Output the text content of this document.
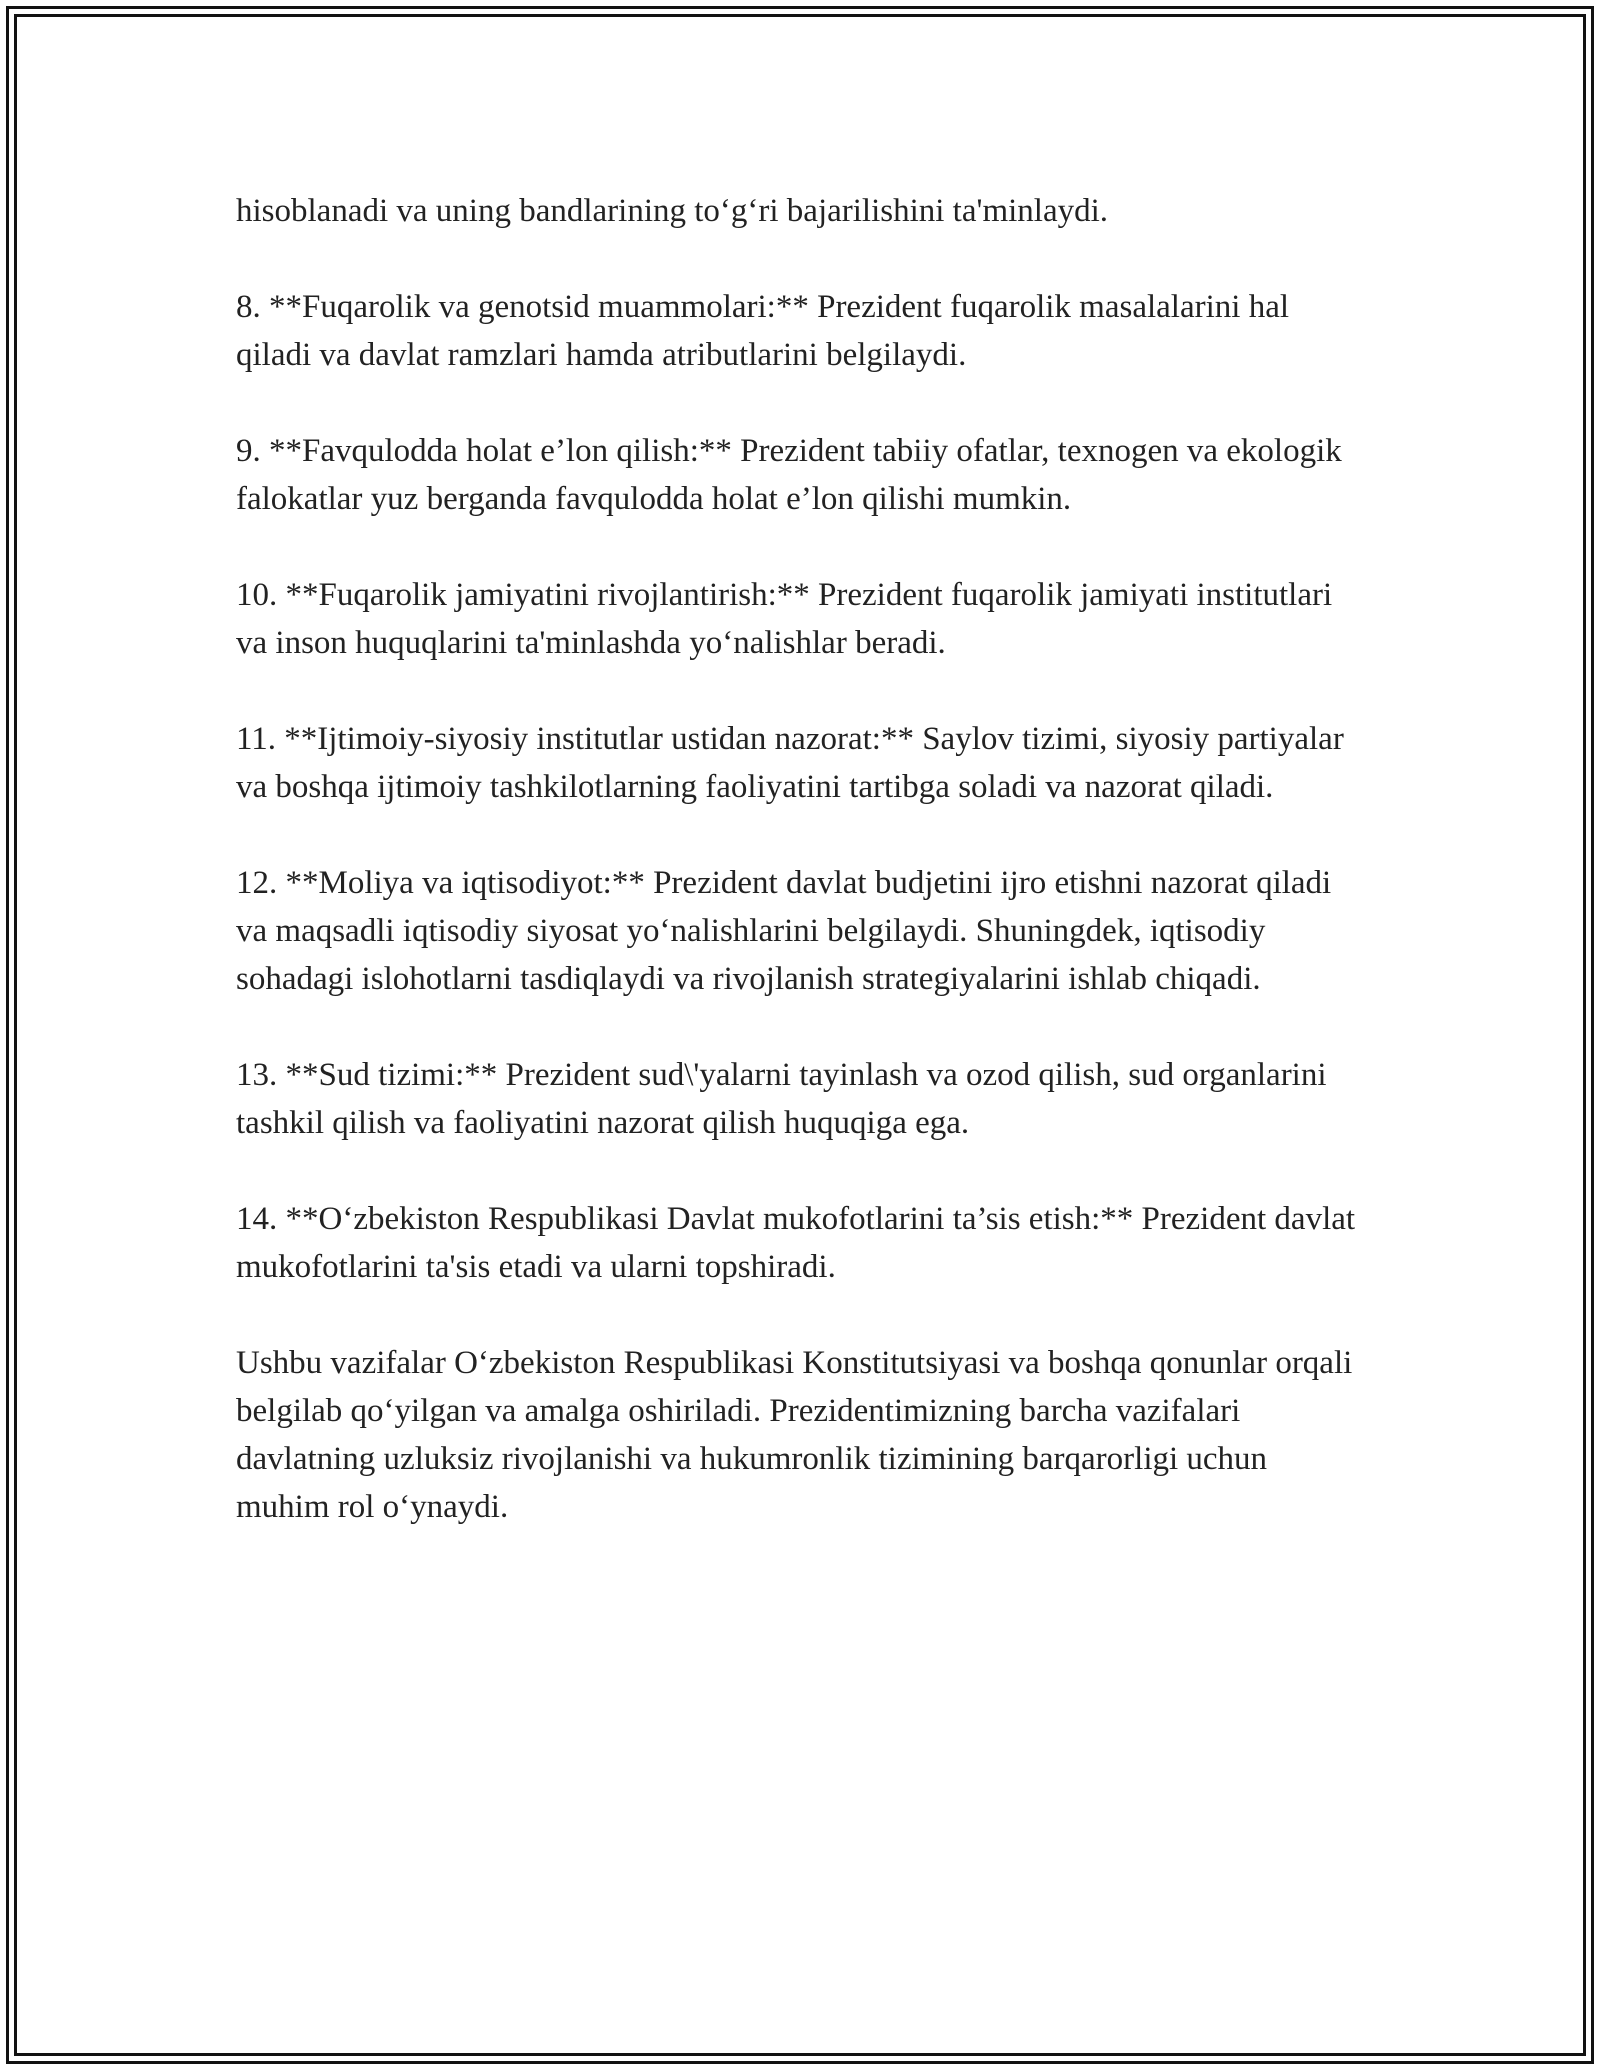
hisoblanadi va uning bandlarining to‘g‘ri bajarilishini ta'minlaydi.

8. **Fuqarolik va genotsid muammolari:** Prezident fuqarolik masalalarini hal qiladi va davlat ramzlari hamda atributlarini belgilaydi.

9. **Favqulodda holat e’lon qilish:** Prezident tabiiy ofatlar, texnogen va ekologik falokatlar yuz berganda favqulodda holat e’lon qilishi mumkin.

10. **Fuqarolik jamiyatini rivojlantirish:** Prezident fuqarolik jamiyati institutlari va inson huquqlarini ta'minlashda yo‘nalishlar beradi.

11. **Ijtimoiy-siyosiy institutlar ustidan nazorat:** Saylov tizimi, siyosiy partiyalar va boshqa ijtimoiy tashkilotlarning faoliyatini tartibga soladi va nazorat qiladi.

12. **Moliya va iqtisodiyot:** Prezident davlat budjetini ijro etishni nazorat qiladi va maqsadli iqtisodiy siyosat yo‘nalishlarini belgilaydi. Shuningdek, iqtisodiy sohadagi islohotlarni tasdiqlaydi va rivojlanish strategiyalarini ishlab chiqadi.

13. **Sud tizimi:** Prezident sud\'yalarni tayinlash va ozod qilish, sud organlarini tashkil qilish va faoliyatini nazorat qilish huquqiga ega.

14. **O‘zbekiston Respublikasi Davlat mukofotlarini ta’sis etish:** Prezident davlat mukofotlarini ta'sis etadi va ularni topshiradi.

Ushbu vazifalar O‘zbekiston Respublikasi Konstitutsiyasi va boshqa qonunlar orqali belgilab qo‘yilgan va amalga oshiriladi. Prezidentimizning barcha vazifalari davlatning uzluksiz rivojlanishi va hukumronlik tizimining barqarorligi uchun muhim rol o‘ynaydi.
